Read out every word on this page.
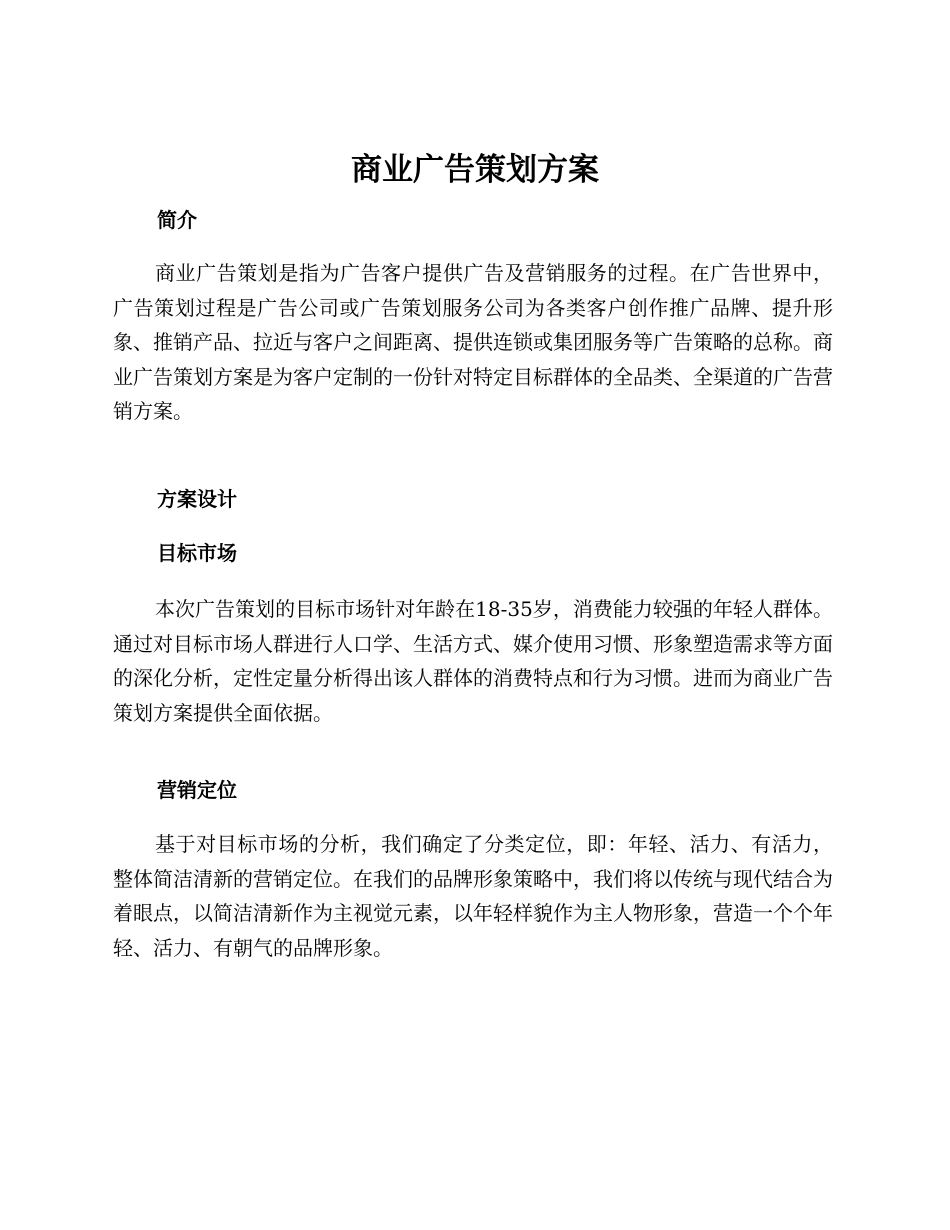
商业广告策划方案
简介

商业广告策划是指为广告客户提供广告及营销服务的过程。在广告世界中，广告策划过程是广告公司或广告策划服务公司为各类客户创作推广品牌、提升形象、推销产品、拉近与客户之间距离、提供连锁或集团服务等广告策略的总称。商业广告策划方案是为客户定制的一份针对特定目标群体的全品类、全渠道的广告营销方案。

方案设计
目标市场

本次广告策划的目标市场针对年龄在18-35岁，消费能力较强的年轻人群体。通过对目标市场人群进行人口学、生活方式、媒介使用习惯、形象塑造需求等方面的深化分析，定性定量分析得出该人群体的消费特点和行为习惯。进而为商业广告策划方案提供全面依据。

营销定位

基于对目标市场的分析，我们确定了分类定位，即：年轻、活力、有活力，整体简洁清新的营销定位。在我们的品牌形象策略中，我们将以传统与现代结合为着眼点，以简洁清新作为主视觉元素，以年轻样貌作为主人物形象，营造一个个年轻、活力、有朝气的品牌形象。
